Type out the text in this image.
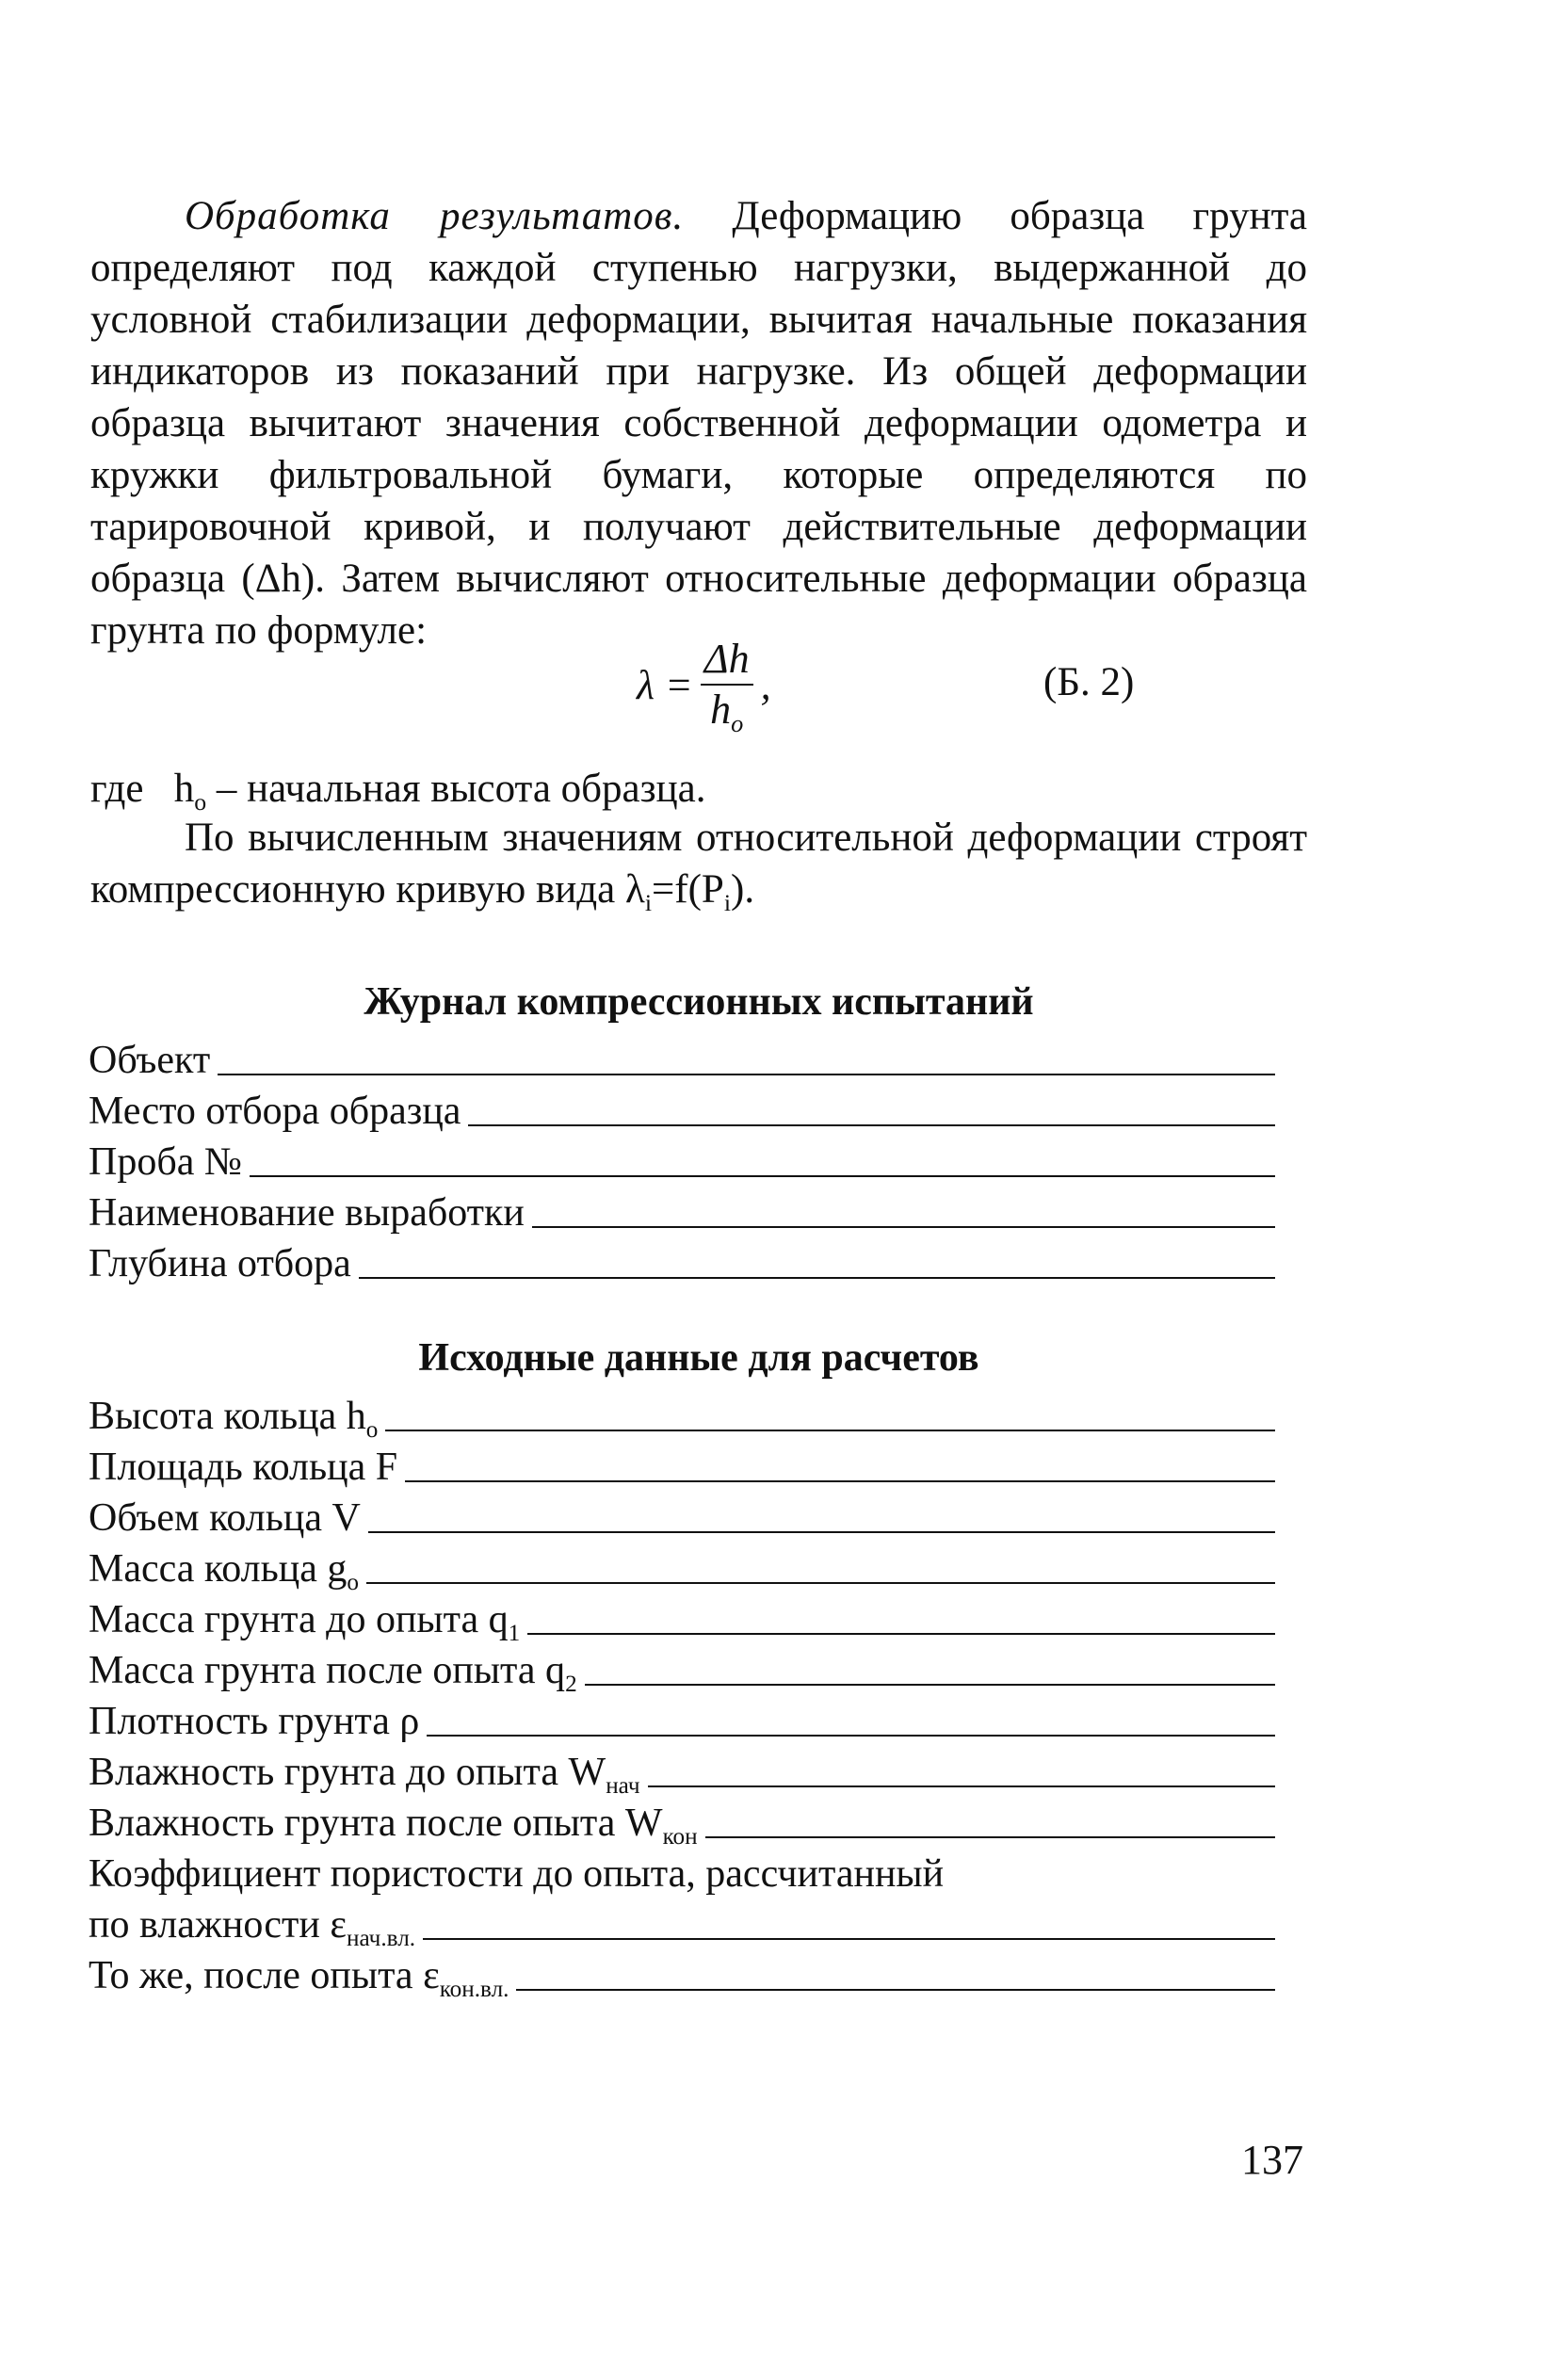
Обработка результатов. Деформацию образца грунта определяют под каждой ступенью нагрузки, выдержанной до условной стабилизации деформации, вычитая начальные показания индикаторов из показаний при нагрузке. Из общей деформации образца вычитают значения собственной деформации одометра и кружки фильтровальной бумаги, которые определяются по тарировочной кривой, и получают действительные деформации образца (Δh). Затем вычисляют относительные деформации образца грунта по формуле:

$\lambda = \frac{\Delta h}{h_o}$ ,	(Б. 2)

где $h_o$ – начальная высота образца.

По вычисленным значениям относительной деформации строят компрессионную кривую вида $\lambda_i=f(P_i)$.

Журнал компрессионных испытаний
Объект
Место отбора образца
Проба №
Наименование выработки
Глубина отбора
Исходные данные для расчетов
Высота кольца $h_o$
Площадь кольца F
Объем кольца V
Масса кольца $g_o$
Масса грунта до опыта $q_1$
Масса грунта после опыта $q_2$
Плотность грунта ρ
Влажность грунта до опыта $W_{нач}$
Влажность грунта после опыта $W_{кон}$
Коэффициент пористости до опыта, рассчитанный
по влажности $\varepsilon_{нач.вл.}$
То же, после опыта $\varepsilon_{кон.вл.}$
137
